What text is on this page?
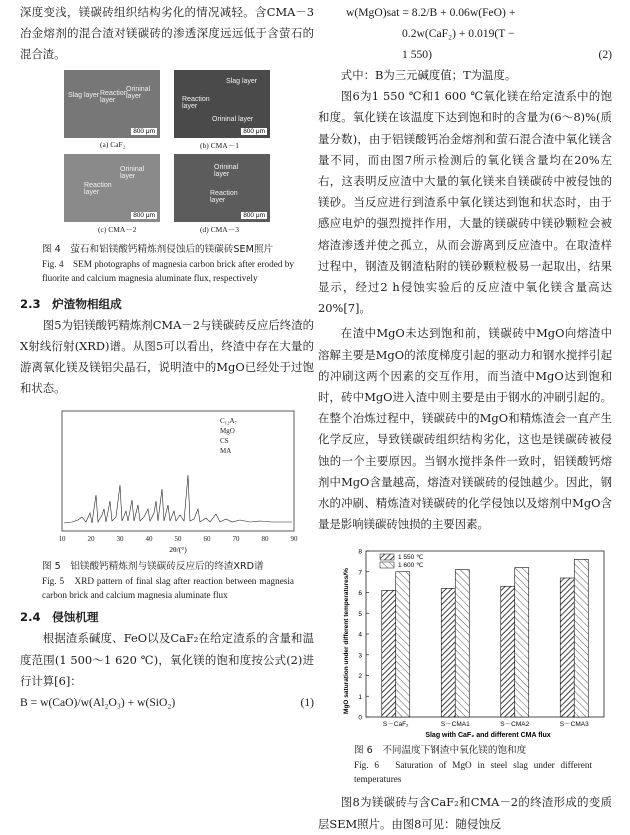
深度变浅，镁碳砖组织结构劣化的情况减轻。含CMA－3冶金熔剂的混合渣对镁碳砖的渗透深度远远低于含萤石的混合渣。

Slag layer Reaction layer
Orininal layer
800 μm
(a) CaF₂
Slag layer
Reaction layer
Orininal layer
800 μm
(b) CMA－1
Orininal layer
Reaction layer
800 μm
(c) CMA－2
Orininal layer
Reaction layer
800 μm
(d) CMA－3

图 4　萤石和铝镁酸钙精炼剂侵蚀后的镁碳砖SEM照片

Fig. 4　SEM photographs of magnesia carbon brick after eroded by fluorite and calcium magnesia aluminate flux, respectively

2.3　炉渣物相组成

图5为铝镁酸钙精炼剂CMA－2与镁碳砖反应后终渣的X射线衍射(XRD)谱。从图5可以看出，终渣中存在大量的游离氧化镁及镁铝尖晶石，说明渣中的MgO已经处于过饱和状态。

C₁₂A₇
MgO
CS
MA
10	20	30	40	50	60	70	80	90
2θ/(°)

图 5　铝镁酸钙精炼剂与镁碳砖反应后的终渣XRD谱

Fig. 5　XRD pattern of final slag after reaction between magnesia carbon brick and calcium magnesia aluminate flux

2.4　侵蚀机理

根据渣系碱度、FeO以及CaF₂在给定渣系的含量和温度范围(1 500～1 620 ℃)，氧化镁的饱和度按公式(2)进行计算[6]：

B = w(CaO)/w(Al₂O₃) + w(SiO₂)	(1)
w(MgO)sat = 8.2/B + 0.06w(FeO) +
0.2w(CaF₂) + 0.019(T −
1 550)	(2)

式中：B为三元碱度值；T为温度。

图6为1 550 ℃和1 600 ℃氧化镁在给定渣系中的饱和度。氧化镁在该温度下达到饱和时的含量为(6～8)%(质量分数)，由于铝镁酸钙冶金熔剂和萤石混合渣中氧化镁含量不同，而由图7所示检测后的氧化镁含量均在20%左右，这表明反应渣中大量的氧化镁来自镁碳砖中被侵蚀的镁砂。当反应进行到渣系中氧化镁达到饱和状态时，由于感应电炉的强烈搅拌作用，大量的镁碳砖中镁砂颗粒会被熔渣渗透并使之孤立，从而会游离到反应渣中。在取渣样过程中，钢渣及钢渣粘附的镁砂颗粒极易一起取出，结果显示，经过2 h侵蚀实验后的反应渣中氧化镁含量高达20%[7]。

在渣中MgO未达到饱和前，镁碳砖中MgO向熔渣中溶解主要是MgO的浓度梯度引起的驱动力和钢水搅拌引起的冲刷这两个因素的交互作用，而当渣中MgO达到饱和时，砖中MgO进入渣中则主要是由于钢水的冲刷引起的。在整个冶炼过程中，镁碳砖中的MgO和精炼渣会一直产生化学反应，导致镁碳砖组织结构劣化，这也是镁碳砖被侵蚀的一个主要原因。当钢水搅拌条件一致时，铝镁酸钙熔剂中MgO含量越高，熔渣对镁碳砖的侵蚀越少。因此，钢水的冲刷、精炼渣对镁碳砖的化学侵蚀以及熔剂中MgO含量是影响镁碳砖蚀损的主要因素。

0
1
2
3
4
5
6
7
8
S－CaF₂	S－CMA1	S－CMA2	S－CMA3
1 550 ℃
1 600 ℃
MgO saturation under different temperatures/%
Slag with CaF₂ and different CMA flux

图 6　不同温度下钢渣中氧化镁的饱和度

Fig. 6　Saturation of MgO in steel slag under different temperatures

图8为镁碳砖与含CaF₂和CMA－2的终渣形成的变质层SEM照片。由图8可见：随侵蚀反
